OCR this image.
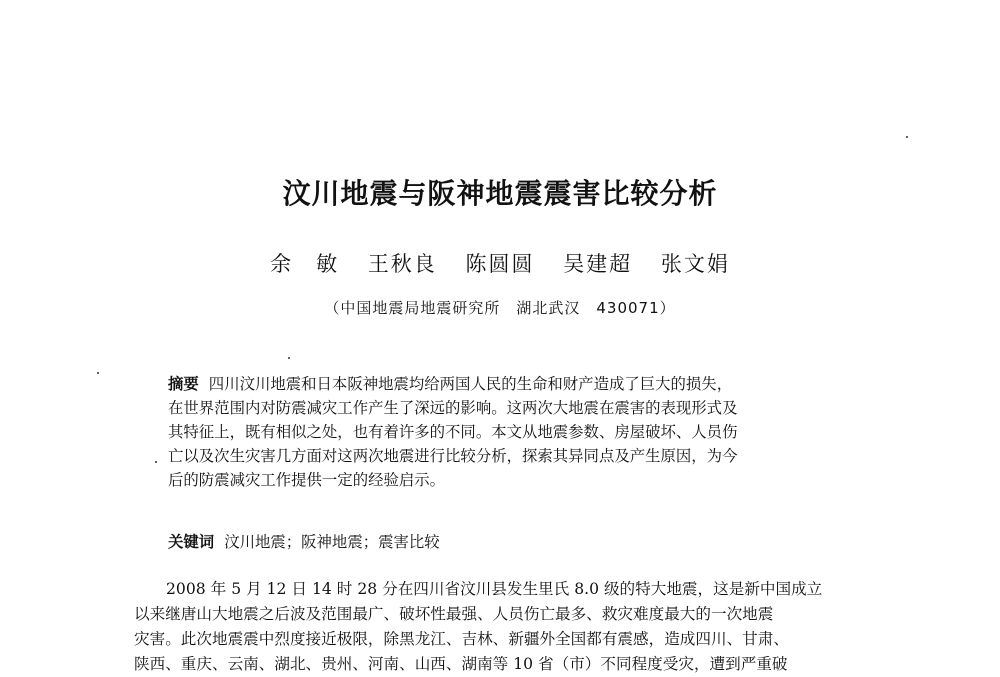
汶川地震与阪神地震震害比较分析
余　敏 王秋良 陈圆圆 吴建超 张文娟
（中国地震局地震研究所　湖北武汉　430071）

摘要 四川汶川地震和日本阪神地震均给两国人民的生命和财产造成了巨大的损失，

在世界范围内对防震减灾工作产生了深远的影响。这两次大地震在震害的表现形式及

其特征上，既有相似之处，也有着许多的不同。本文从地震参数、房屋破坏、人员伤

亡以及次生灾害几方面对这两次地震进行比较分析，探索其异同点及产生原因，为今

后的防震减灾工作提供一定的经验启示。

关键词 汶川地震；阪神地震；震害比较

2008 年 5 月 12 日 14 时 28 分在四川省汶川县发生里氏 8.0 级的特大地震，这是新中国成立

以来继唐山大地震之后波及范围最广、破坏性最强、人员伤亡最多、救灾难度最大的一次地震

灾害。此次地震震中烈度接近极限，除黑龙江、吉林、新疆外全国都有震感，造成四川、甘肃、

陕西、重庆、云南、湖北、贵州、河南、山西、湖南等 10 省（市）不同程度受灾，遭到严重破
